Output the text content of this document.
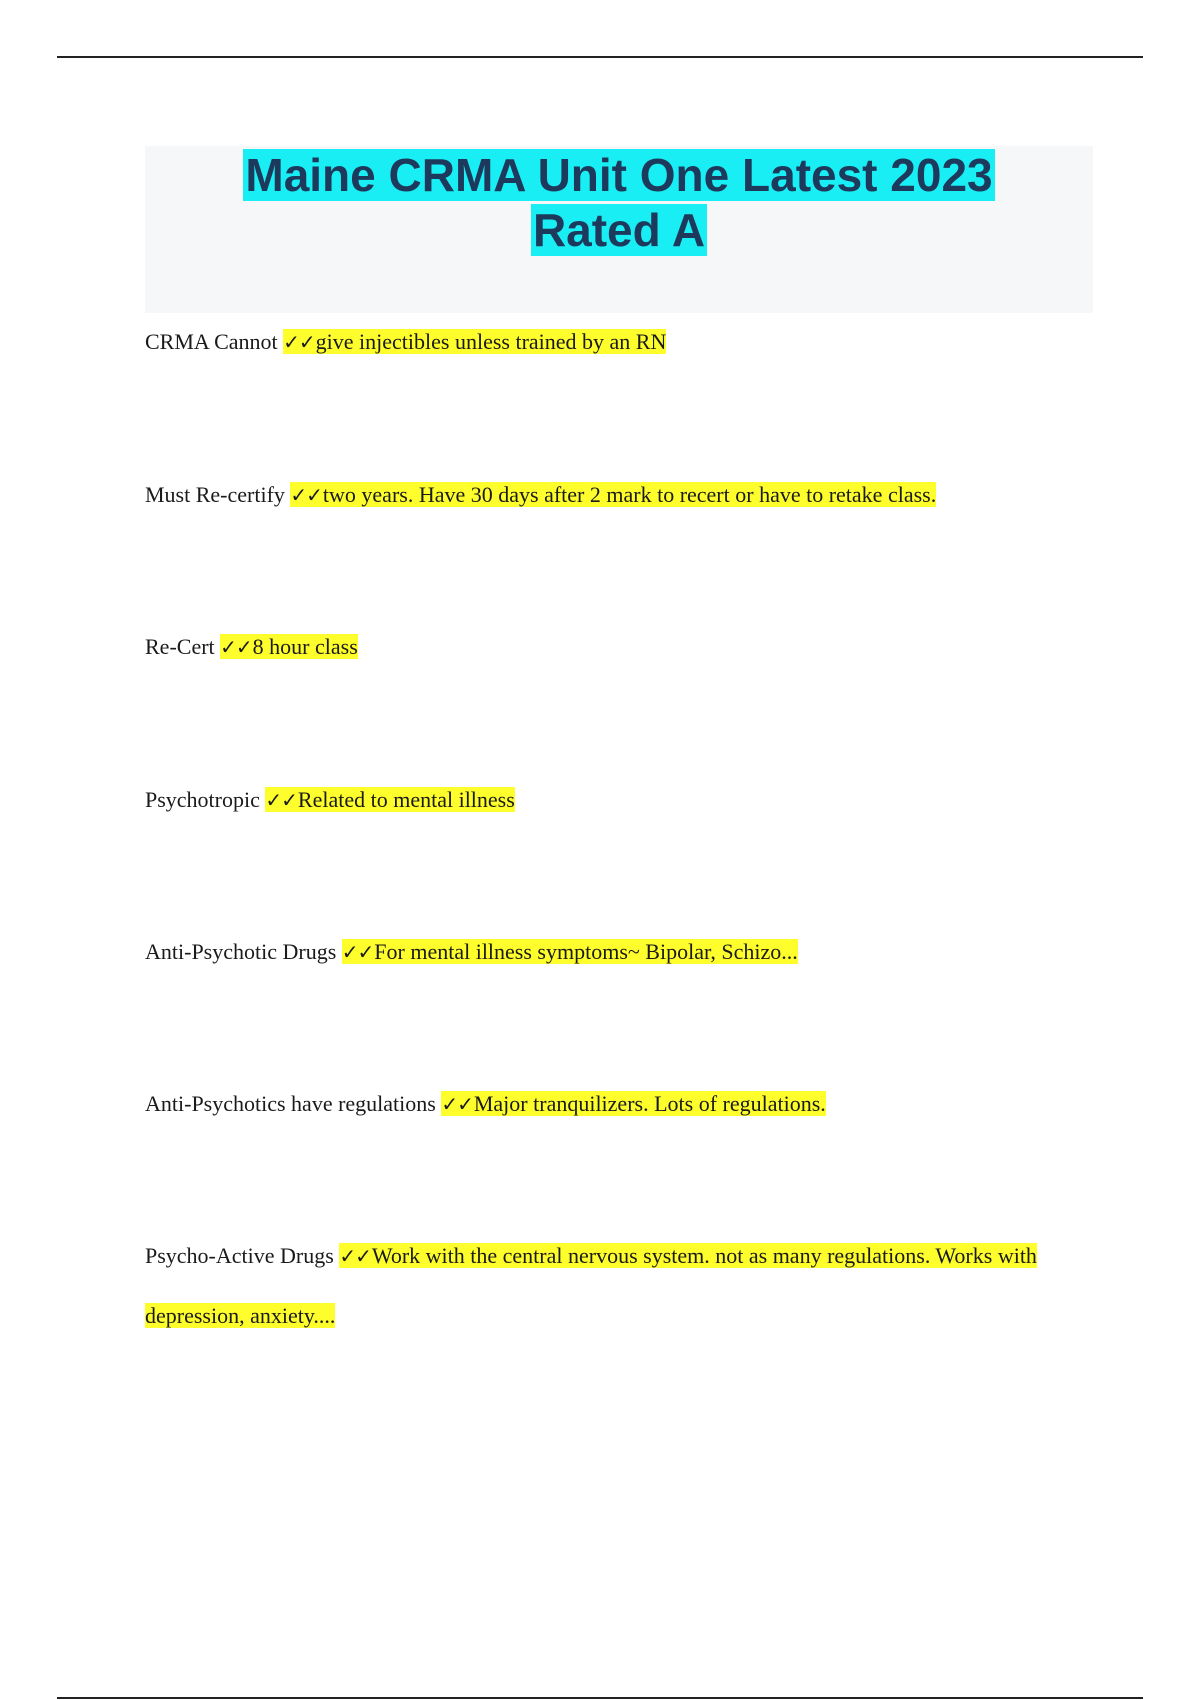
Maine CRMA Unit One Latest 2023
Rated A
CRMA Cannot ✓✓give injectibles unless trained by an RN
Must Re-certify ✓✓two years. Have 30 days after 2 mark to recert or have to retake class.
Re-Cert ✓✓8 hour class
Psychotropic ✓✓Related to mental illness
Anti-Psychotic Drugs ✓✓For mental illness symptoms~ Bipolar, Schizo...
Anti-Psychotics have regulations ✓✓Major tranquilizers. Lots of regulations.
Psycho-Active Drugs ✓✓Work with the central nervous system. not as many regulations. Works with depression, anxiety....
